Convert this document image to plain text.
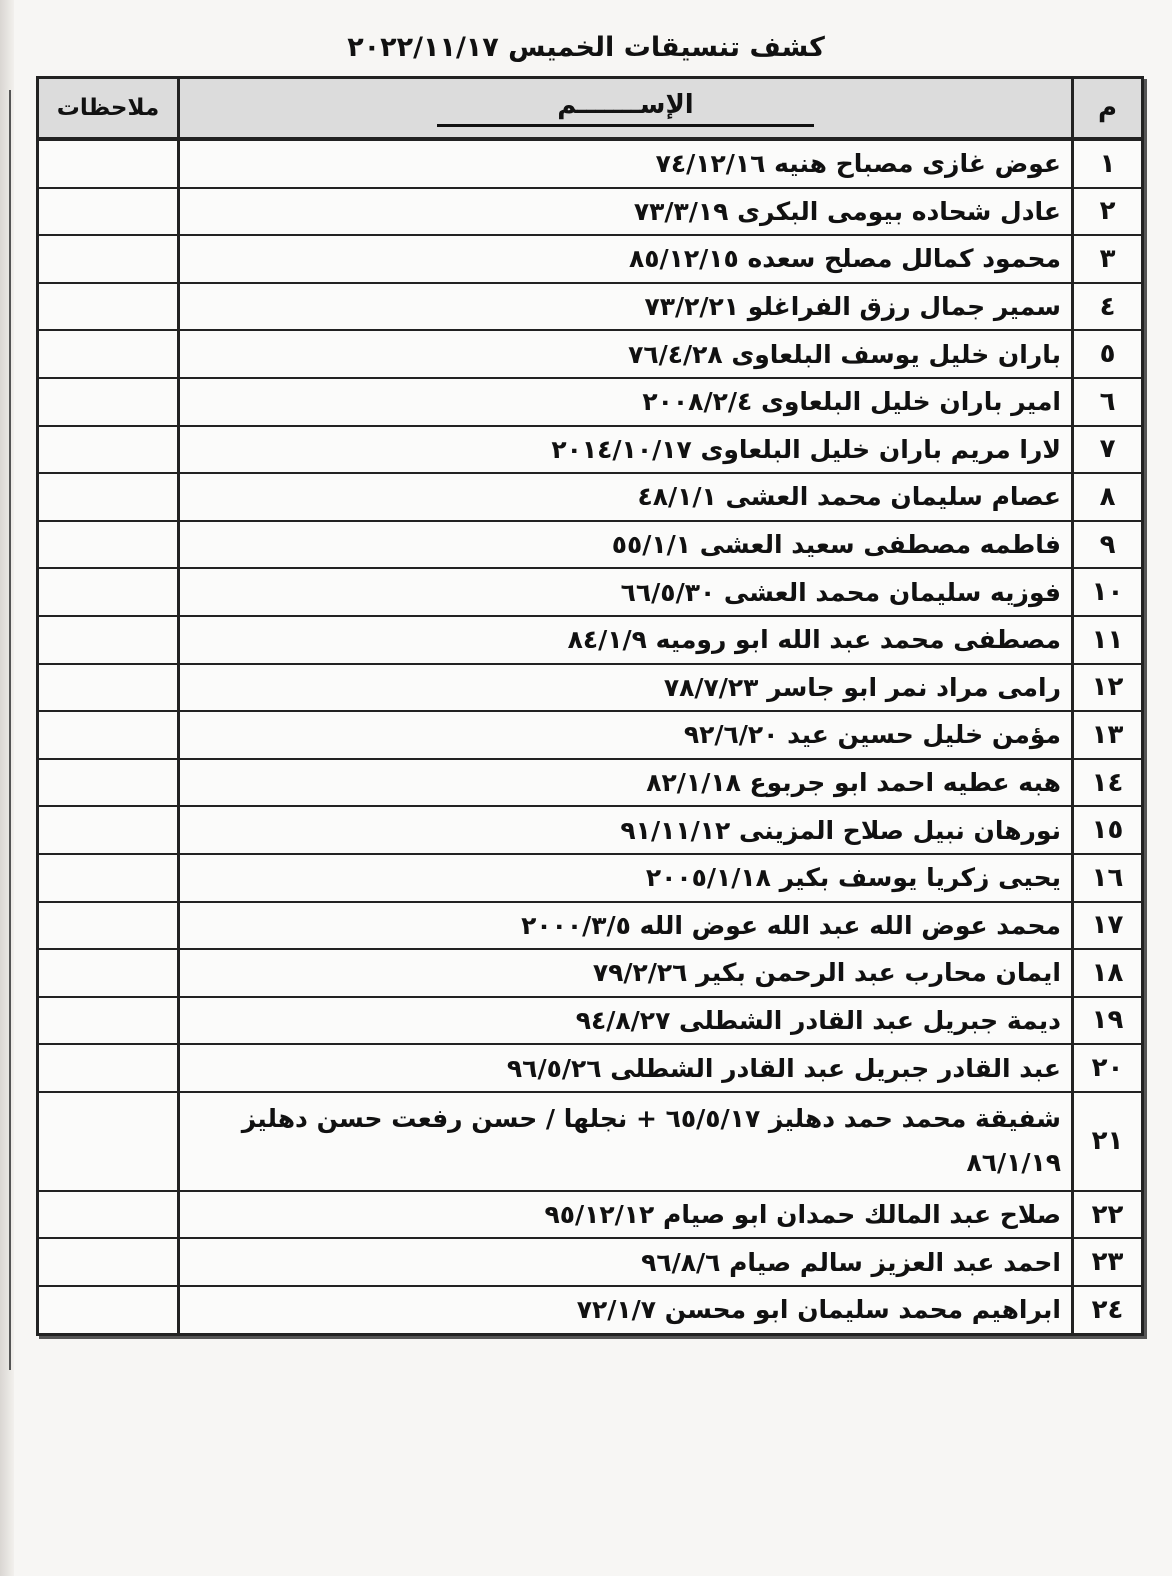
كشف تنسيقات الخميس ٢٠٢٢/١١/١٧
م
الإســـــــم
ملاحظات
١
عوض غازى مصباح هنيه ٧٤/١٢/١٦
٢
عادل شحاده بيومى البكرى ٧٣/٣/١٩
٣
محمود كمالل مصلح سعده ٨٥/١٢/١٥
٤
سمير جمال رزق الفراغلو ٧٣/٢/٢١
٥
باران خليل يوسف البلعاوى ٧٦/٤/٢٨
٦
امير باران خليل البلعاوى ٢٠٠٨/٢/٤
٧
لارا مريم باران خليل البلعاوى ٢٠١٤/١٠/١٧
٨
عصام سليمان محمد العشى ٤٨/١/١
٩
فاطمه مصطفى سعيد العشى ٥٥/١/١
١٠
فوزيه سليمان محمد العشى ٦٦/٥/٣٠
١١
مصطفى محمد عبد الله ابو روميه ٨٤/١/٩
١٢
رامى مراد نمر ابو جاسر ٧٨/٧/٢٣
١٣
مؤمن خليل حسين عيد ٩٢/٦/٢٠
١٤
هبه عطيه احمد ابو جربوع ٨٢/١/١٨
١٥
نورهان نبيل صلاح المزينى ٩١/١١/١٢
١٦
يحيى زكريا يوسف بكير ٢٠٠٥/١/١٨
١٧
محمد عوض الله عبد الله عوض الله ٢٠٠٠/٣/٥
١٨
ايمان محارب عبد الرحمن بكير ٧٩/٢/٢٦
١٩
ديمة جبريل عبد القادر الشطلى ٩٤/٨/٢٧
٢٠
عبد القادر جبريل عبد القادر الشطلى ٩٦/٥/٢٦
٢١
شفيقة محمد حمد دهليز ٦٥/٥/١٧ + نجلها / حسن رفعت حسن دهليز ٨٦/١/١٩
٢٢
صلاح عبد المالك حمدان ابو صيام ٩٥/١٢/١٢
٢٣
احمد عبد العزيز سالم صيام ٩٦/٨/٦
٢٤
ابراهيم محمد سليمان ابو محسن ٧٢/١/٧
